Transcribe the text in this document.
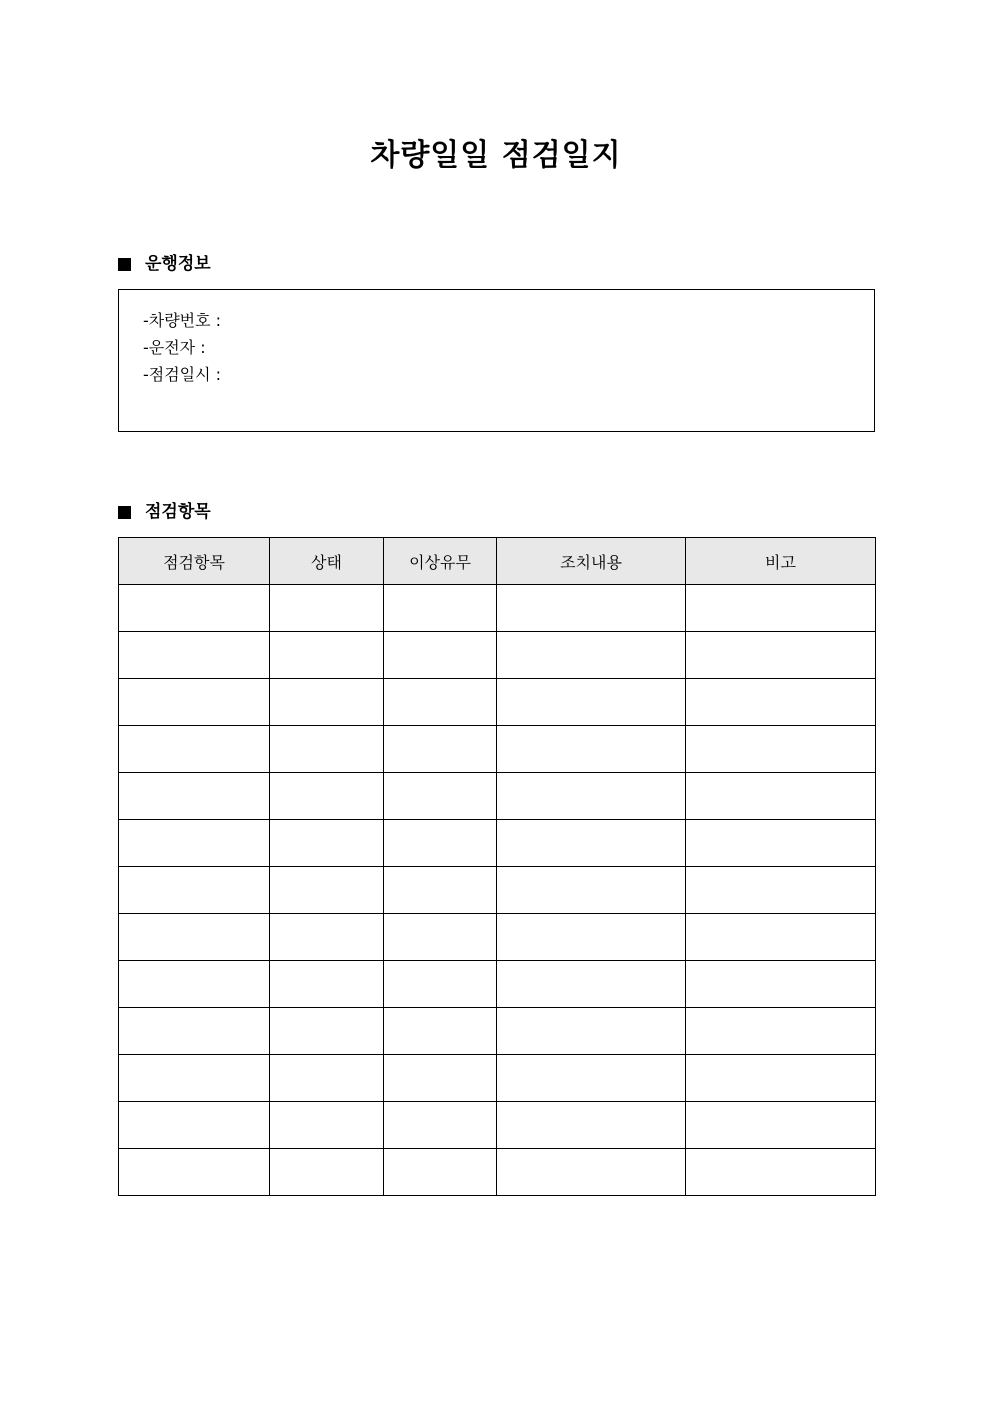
차량일일 점검일지
운행정보
-차량번호 :
-운전자 :
-점검일시 :
점검항목
점검항목	상태	이상유무	조치내용	비고
